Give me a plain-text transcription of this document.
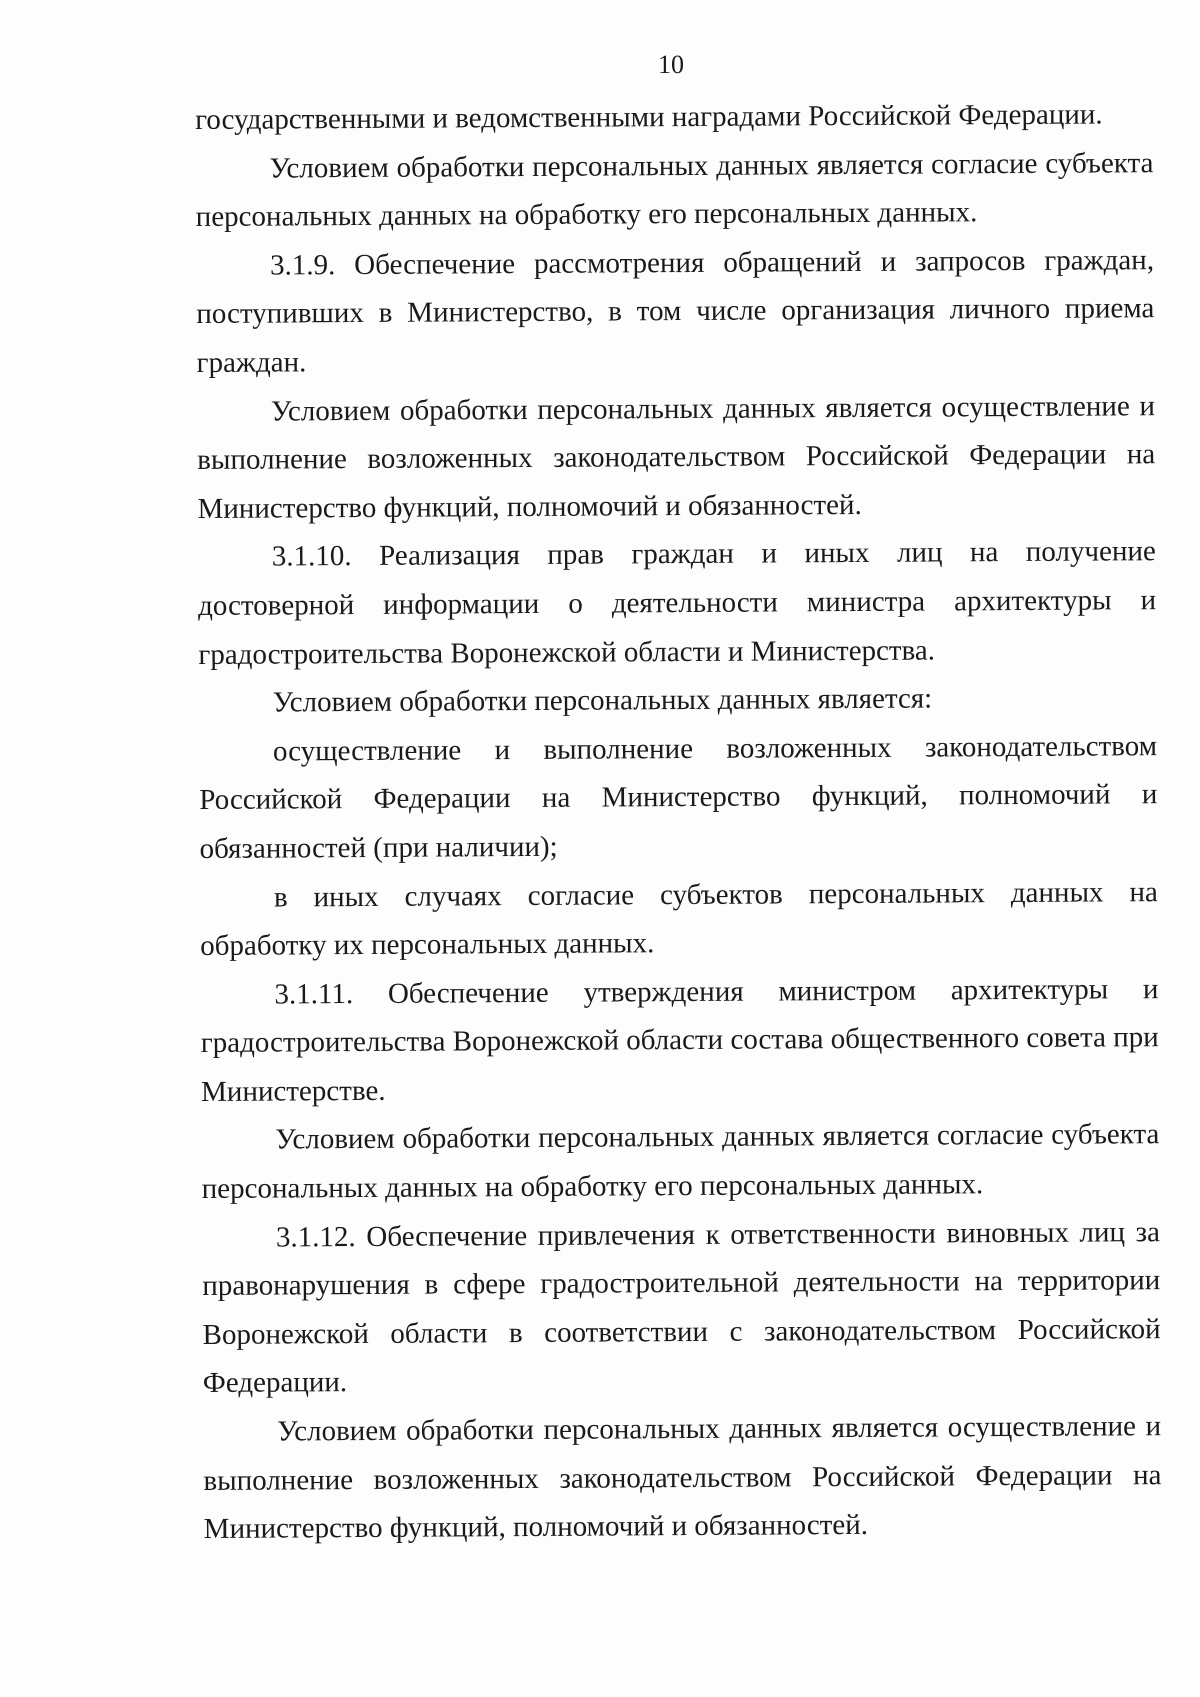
10

государственными и ведомственными наградами Российской Федерации.

Условием обработки персональных данных является согласие субъекта персональных данных на обработку его персональных данных.

3.1.9. Обеспечение рассмотрения обращений и запросов граждан, поступивших в Министерство, в том числе организация личного приема граждан.

Условием обработки персональных данных является осуществление и выполнение возложенных законодательством Российской Федерации на Министерство функций, полномочий и обязанностей.

3.1.10. Реализация прав граждан и иных лиц на получение достоверной информации о деятельности министра архитектуры и градостроительства Воронежской области и Министерства.

Условием обработки персональных данных является:

осуществление и выполнение возложенных законодательством Российской Федерации на Министерство функций, полномочий и обязанностей (при наличии);

в иных случаях согласие субъектов персональных данных на обработку их персональных данных.

3.1.11. Обеспечение утверждения министром архитектуры и градостроительства Воронежской области состава общественного совета при Министерстве.

Условием обработки персональных данных является согласие субъекта персональных данных на обработку его персональных данных.

3.1.12. Обеспечение привлечения к ответственности виновных лиц за правонарушения в сфере градостроительной деятельности на территории Воронежской области в соответствии с законодательством Российской Федерации.

Условием обработки персональных данных является осуществление и выполнение возложенных законодательством Российской Федерации на Министерство функций, полномочий и обязанностей.
